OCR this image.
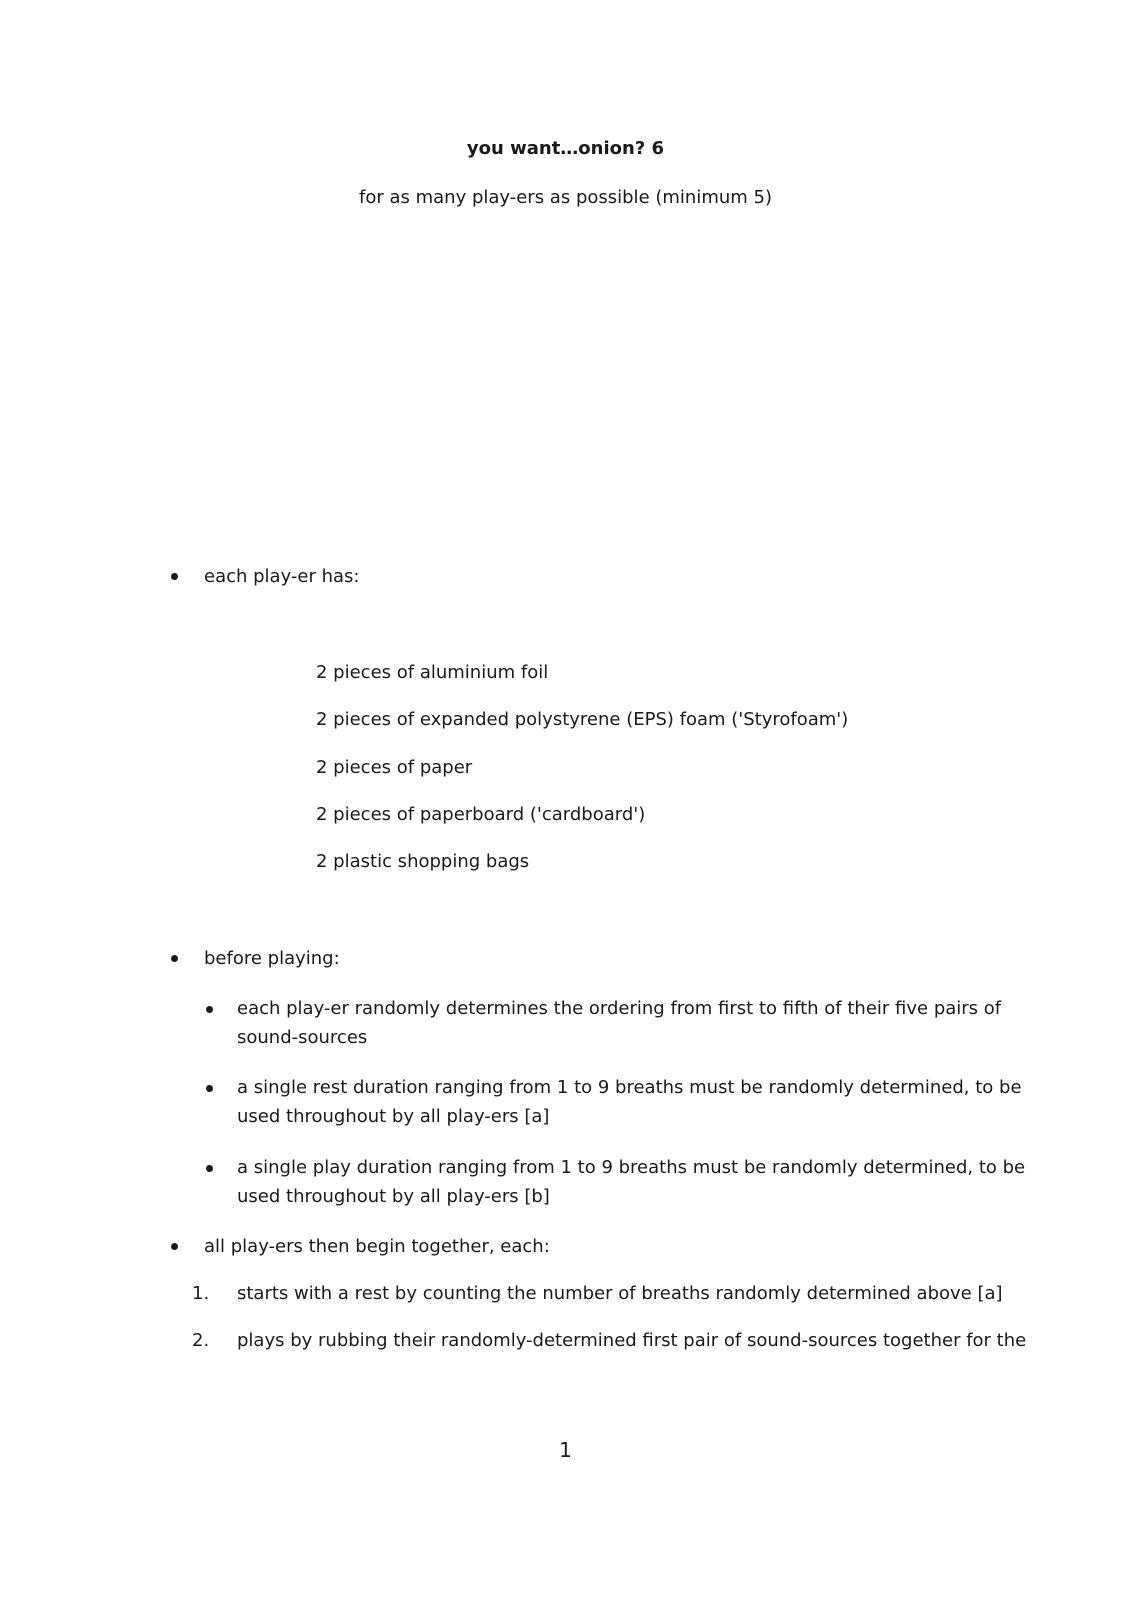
you want…onion? 6
for as many play-ers as possible (minimum 5)
each play-er has:
2 pieces of aluminium foil
2 pieces of expanded polystyrene (EPS) foam ('Styrofoam')
2 pieces of paper
2 pieces of paperboard ('cardboard')
2 plastic shopping bags
before playing:
each play-er randomly determines the ordering from first to fifth of their five pairs of
sound-sources
a single rest duration ranging from 1 to 9 breaths must be randomly determined, to be
used throughout by all play-ers [a]
a single play duration ranging from 1 to 9 breaths must be randomly determined, to be
used throughout by all play-ers [b]
all play-ers then begin together, each:
1. starts with a rest by counting the number of breaths randomly determined above [a]
2. plays by rubbing their randomly-determined first pair of sound-sources together for the
1
